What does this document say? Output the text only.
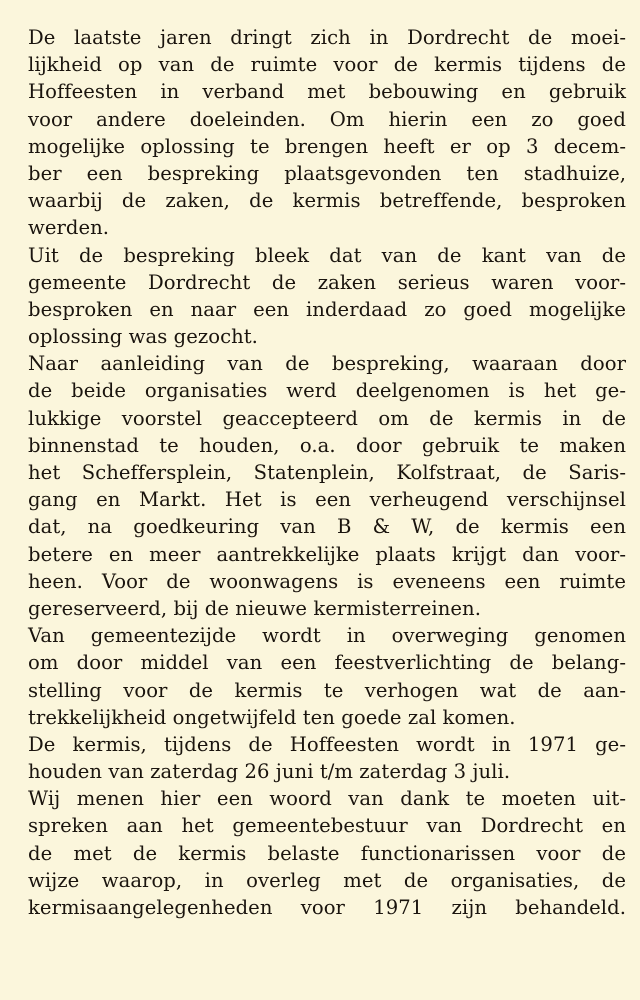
De laatste jaren dringt zich in Dordrecht de moei-
lijkheid op van de ruimte voor de kermis tijdens de
Hoffeesten in verband met bebouwing en gebruik
voor andere doeleinden. Om hierin een zo goed
mogelijke oplossing te brengen heeft er op 3 decem-
ber een bespreking plaatsgevonden ten stadhuize,
waarbij de zaken, de kermis betreffende, besproken
werden.

Uit de bespreking bleek dat van de kant van de
gemeente Dordrecht de zaken serieus waren voor-
besproken en naar een inderdaad zo goed mogelijke
oplossing was gezocht.

Naar aanleiding van de bespreking, waaraan door
de beide organisaties werd deelgenomen is het ge-
lukkige voorstel geaccepteerd om de kermis in de
binnenstad te houden, o.a. door gebruik te maken
het Scheffersplein, Statenplein, Kolfstraat, de Saris-
gang en Markt. Het is een verheugend verschijnsel
dat, na goedkeuring van B & W, de kermis een
betere en meer aantrekkelijke plaats krijgt dan voor-
heen. Voor de woonwagens is eveneens een ruimte
gereserveerd, bij de nieuwe kermisterreinen.

Van gemeentezijde wordt in overweging genomen
om door middel van een feestverlichting de belang-
stelling voor de kermis te verhogen wat de aan-
trekkelijkheid ongetwijfeld ten goede zal komen.

De kermis, tijdens de Hoffeesten wordt in 1971 ge-
houden van zaterdag 26 juni t/m zaterdag 3 juli.

Wij menen hier een woord van dank te moeten uit-
spreken aan het gemeentebestuur van Dordrecht en
de met de kermis belaste functionarissen voor de
wijze waarop, in overleg met de organisaties, de
kermisaangelegenheden voor 1971 zijn behandeld.
